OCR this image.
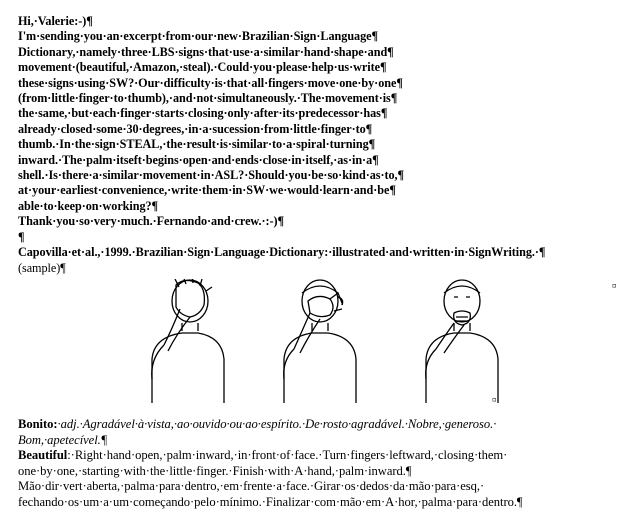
Hi,·Valerie:-)¶
I'm·sending·you·an·excerpt·from·our·new·Brazilian·Sign·Language¶
Dictionary,·namely·three·LBS·signs·that·use·a·similar·hand·shape·and¶
movement·(beautiful,·Amazon,·steal).·Could·you·please·help·us·write¶
these·signs·using·SW?·Our·difficulty·is·that·all·fingers·move·one·by·one¶
(from·little·finger·to·thumb),·and·not·simultaneously.·The·movement·is¶
the·same,·but·each·finger·starts·closing·only·after·its·predecessor·has¶
already·closed·some·30·degrees,·in·a·sucession·from·little·finger·to¶
thumb.·In·the·sign·STEAL,·the·result·is·similar·to·a·spiral·turning¶
inward.·The·palm·itseft·begins·open·and·ends·close·in·itself,·as·in·a¶
shell.·Is·there·a·similar·movement·in·ASL?·Should·you·be·so·kind·as·to,¶
at·your·earliest·convenience,·write·them·in·SW·we·would·learn·and·be¶
able·to·keep·on·working?¶
Thank·you·so·very·much.·Fernando·and·crew.·:-)¶
¶
Capovilla·et·al.,·1999.·Brazilian·Sign·Language·Dictionary:·illustrated·and·written·in·SignWriting.·¶
(sample)¶
¤
¤
Bonito:·adj.·Agradável·à·vista,·ao·ouvido·ou·ao·espírito.·De·rosto·agradável.·Nobre,·generoso.·
Bom,·apetecível.¶
Beautiful:·Right·hand·open,·palm·inward,·in·front·of·face.·Turn·fingers·leftward,·closing·them·
one·by·one,·starting·with·the·little·finger.·Finish·with·A·hand,·palm·inward.¶
Mão·dir·vert·aberta,·palma·para·dentro,·em·frente·a·face.·Girar·os·dedos·da·mão·para·esq,·
fechando·os·um·a·um·começando·pelo·mínimo.·Finalizar·com·mão·em·A·hor,·palma·para·dentro.¶
